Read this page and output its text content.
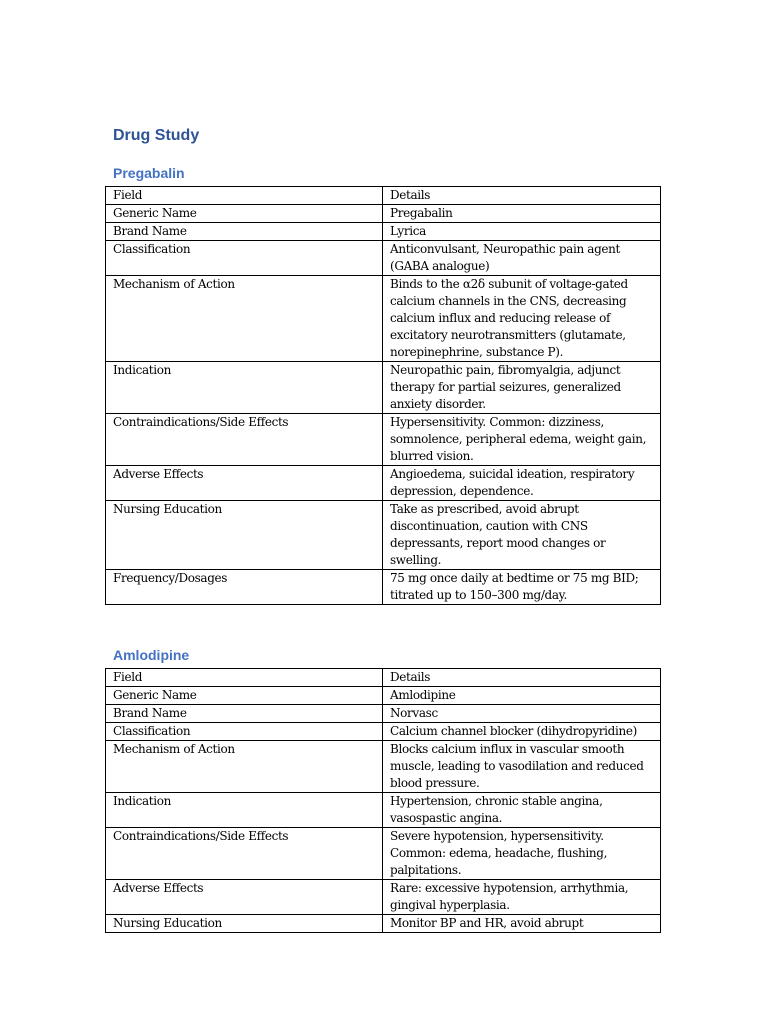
Drug Study
Pregabalin
Field	Details
Generic Name	Pregabalin
Brand Name	Lyrica
Classification	Anticonvulsant, Neuropathic pain agent (GABA analogue)
Mechanism of Action	Binds to the α2δ subunit of voltage-gated calcium channels in the CNS, decreasing calcium influx and reducing release of excitatory neurotransmitters (glutamate, norepinephrine, substance P).
Indication	Neuropathic pain, fibromyalgia, adjunct therapy for partial seizures, generalized anxiety disorder.
Contraindications/Side Effects	Hypersensitivity. Common: dizziness, somnolence, peripheral edema, weight gain, blurred vision.
Adverse Effects	Angioedema, suicidal ideation, respiratory depression, dependence.
Nursing Education	Take as prescribed, avoid abrupt discontinuation, caution with CNS depressants, report mood changes or swelling.
Frequency/Dosages	75 mg once daily at bedtime or 75 mg BID; titrated up to 150–300 mg/day.
Amlodipine
Field	Details
Generic Name	Amlodipine
Brand Name	Norvasc
Classification	Calcium channel blocker (dihydropyridine)
Mechanism of Action	Blocks calcium influx in vascular smooth muscle, leading to vasodilation and reduced blood pressure.
Indication	Hypertension, chronic stable angina, vasospastic angina.
Contraindications/Side Effects	Severe hypotension, hypersensitivity. Common: edema, headache, flushing, palpitations.
Adverse Effects	Rare: excessive hypotension, arrhythmia, gingival hyperplasia.
Nursing Education	Monitor BP and HR, avoid abrupt
